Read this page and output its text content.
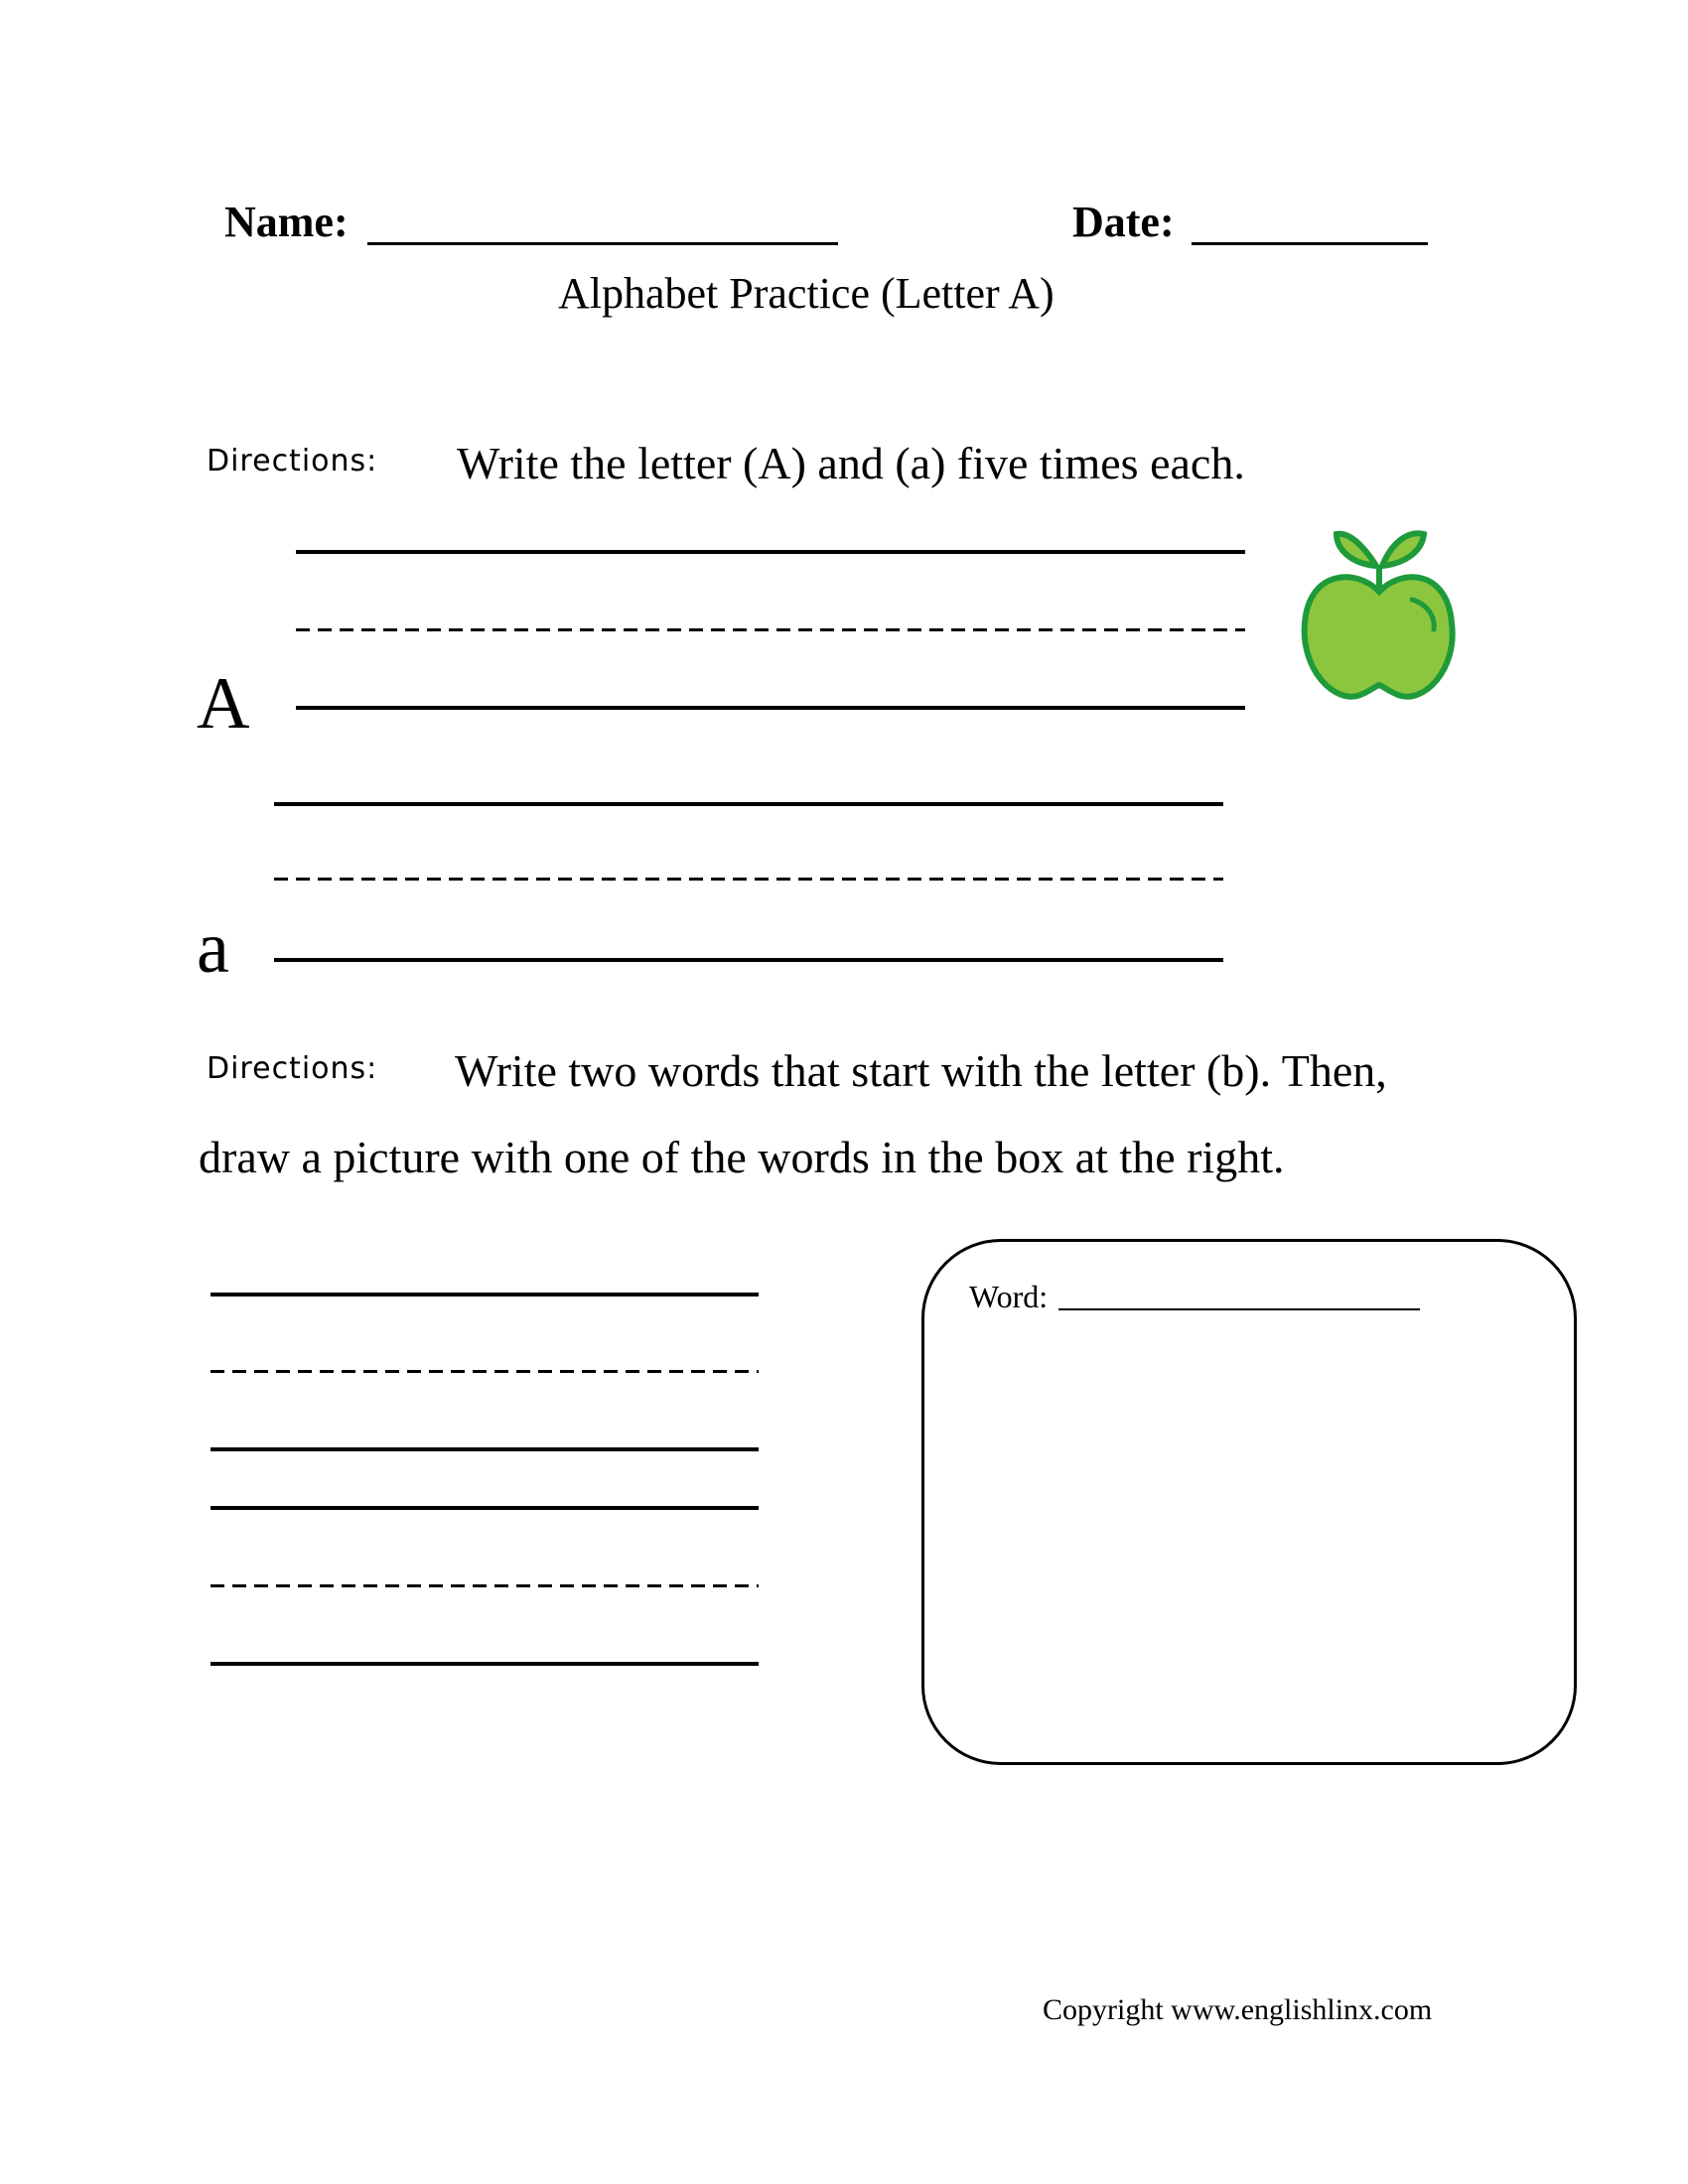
Name:	Date:
Alphabet Practice (Letter A)
Directions: Write the letter (A) and (a) five times each.
A
a
Directions: Write two words that start with the letter (b). Then,
draw a picture with one of the words in the box at the right.
Word:
Copyright www.englishlinx.com
